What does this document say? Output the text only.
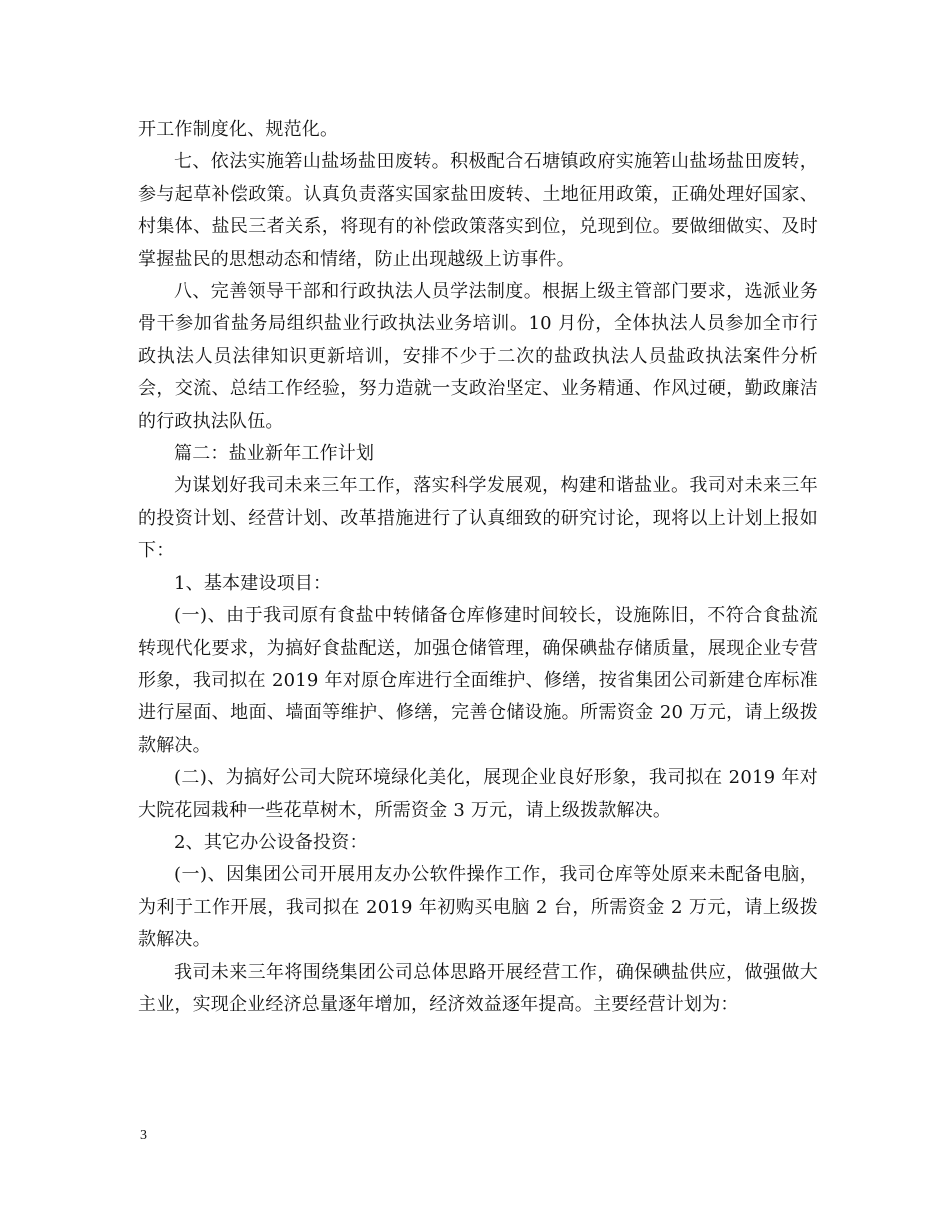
开工作制度化、规范化。

七、依法实施箬山盐场盐田废转。积极配合石塘镇政府实施箬山盐场盐田废转，参与起草补偿政策。认真负责落实国家盐田废转、土地征用政策，正确处理好国家、村集体、盐民三者关系，将现有的补偿政策落实到位，兑现到位。要做细做实、及时掌握盐民的思想动态和情绪，防止出现越级上访事件。

八、完善领导干部和行政执法人员学法制度。根据上级主管部门要求，选派业务骨干参加省盐务局组织盐业行政执法业务培训。10 月份，全体执法人员参加全市行政执法人员法律知识更新培训，安排不少于二次的盐政执法人员盐政执法案件分析会，交流、总结工作经验，努力造就一支政治坚定、业务精通、作风过硬，勤政廉洁的行政执法队伍。

篇二：盐业新年工作计划

为谋划好我司未来三年工作，落实科学发展观，构建和谐盐业。我司对未来三年的投资计划、经营计划、改革措施进行了认真细致的研究讨论，现将以上计划上报如下：

1、基本建设项目：

(一)、由于我司原有食盐中转储备仓库修建时间较长，设施陈旧，不符合食盐流转现代化要求，为搞好食盐配送，加强仓储管理，确保碘盐存储质量，展现企业专营形象，我司拟在 2019 年对原仓库进行全面维护、修缮，按省集团公司新建仓库标准进行屋面、地面、墙面等维护、修缮，完善仓储设施。所需资金 20 万元，请上级拨款解决。

(二)、为搞好公司大院环境绿化美化，展现企业良好形象，我司拟在 2019 年对大院花园栽种一些花草树木，所需资金 3 万元，请上级拨款解决。

2、其它办公设备投资：

(一)、因集团公司开展用友办公软件操作工作，我司仓库等处原来未配备电脑，为利于工作开展，我司拟在 2019 年初购买电脑 2 台，所需资金 2 万元，请上级拨款解决。

我司未来三年将围绕集团公司总体思路开展经营工作，确保碘盐供应，做强做大主业，实现企业经济总量逐年增加，经济效益逐年提高。主要经营计划为：

3
